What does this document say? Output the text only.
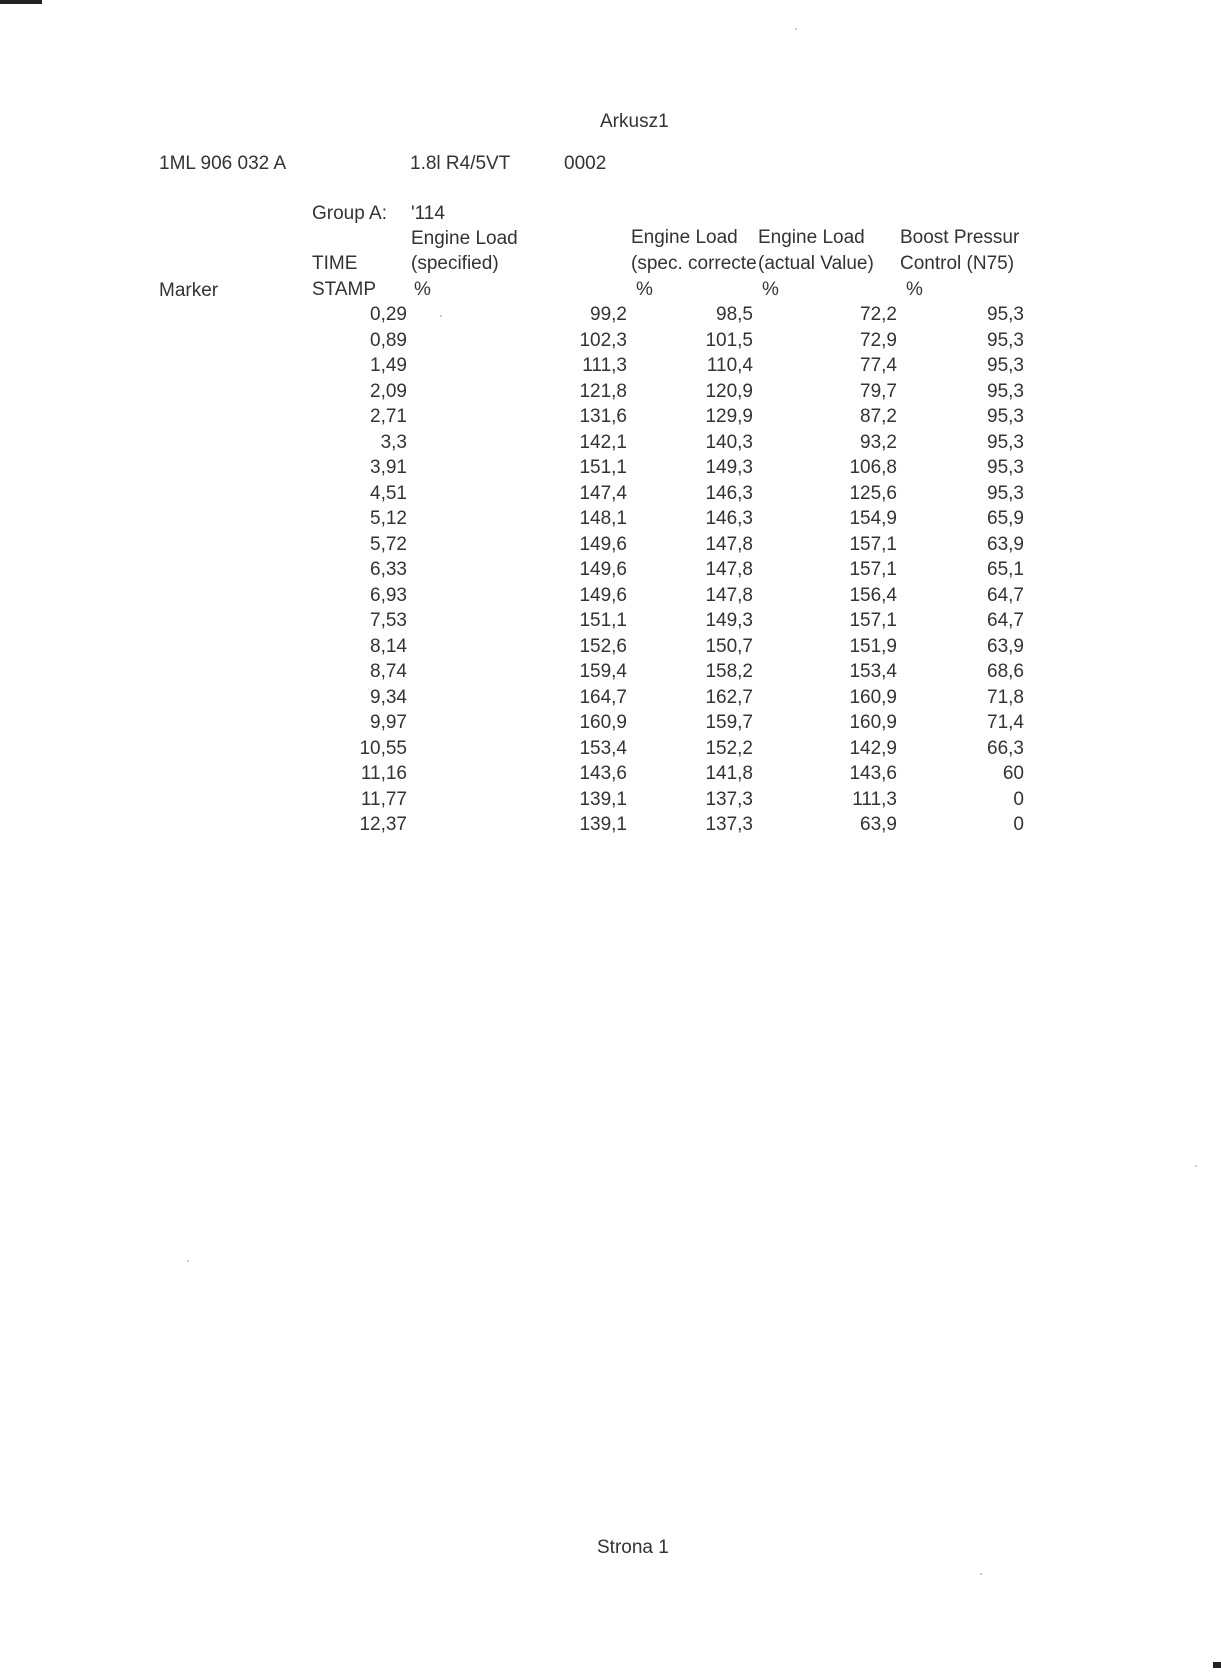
Arkusz1
1ML 906 032 A	1.8l R4/5VT	0002
Group A: '114
Engine Load
(specified)
%
Engine Load
(spec. correcte
%
Engine Load
(actual Value)
%
Boost Pressur
Control (N75)
%
TIME
STAMP
Marker
0,29	99,2	98,5	72,2	95,3
0,89	102,3	101,5	72,9	95,3
1,49	111,3	110,4	77,4	95,3
2,09	121,8	120,9	79,7	95,3
2,71	131,6	129,9	87,2	95,3
3,3	142,1	140,3	93,2	95,3
3,91	151,1	149,3	106,8	95,3
4,51	147,4	146,3	125,6	95,3
5,12	148,1	146,3	154,9	65,9
5,72	149,6	147,8	157,1	63,9
6,33	149,6	147,8	157,1	65,1
6,93	149,6	147,8	156,4	64,7
7,53	151,1	149,3	157,1	64,7
8,14	152,6	150,7	151,9	63,9
8,74	159,4	158,2	153,4	68,6
9,34	164,7	162,7	160,9	71,8
9,97	160,9	159,7	160,9	71,4
10,55	153,4	152,2	142,9	66,3
11,16	143,6	141,8	143,6	60
11,77	139,1	137,3	111,3	0
12,37	139,1	137,3	63,9	0
Strona 1
